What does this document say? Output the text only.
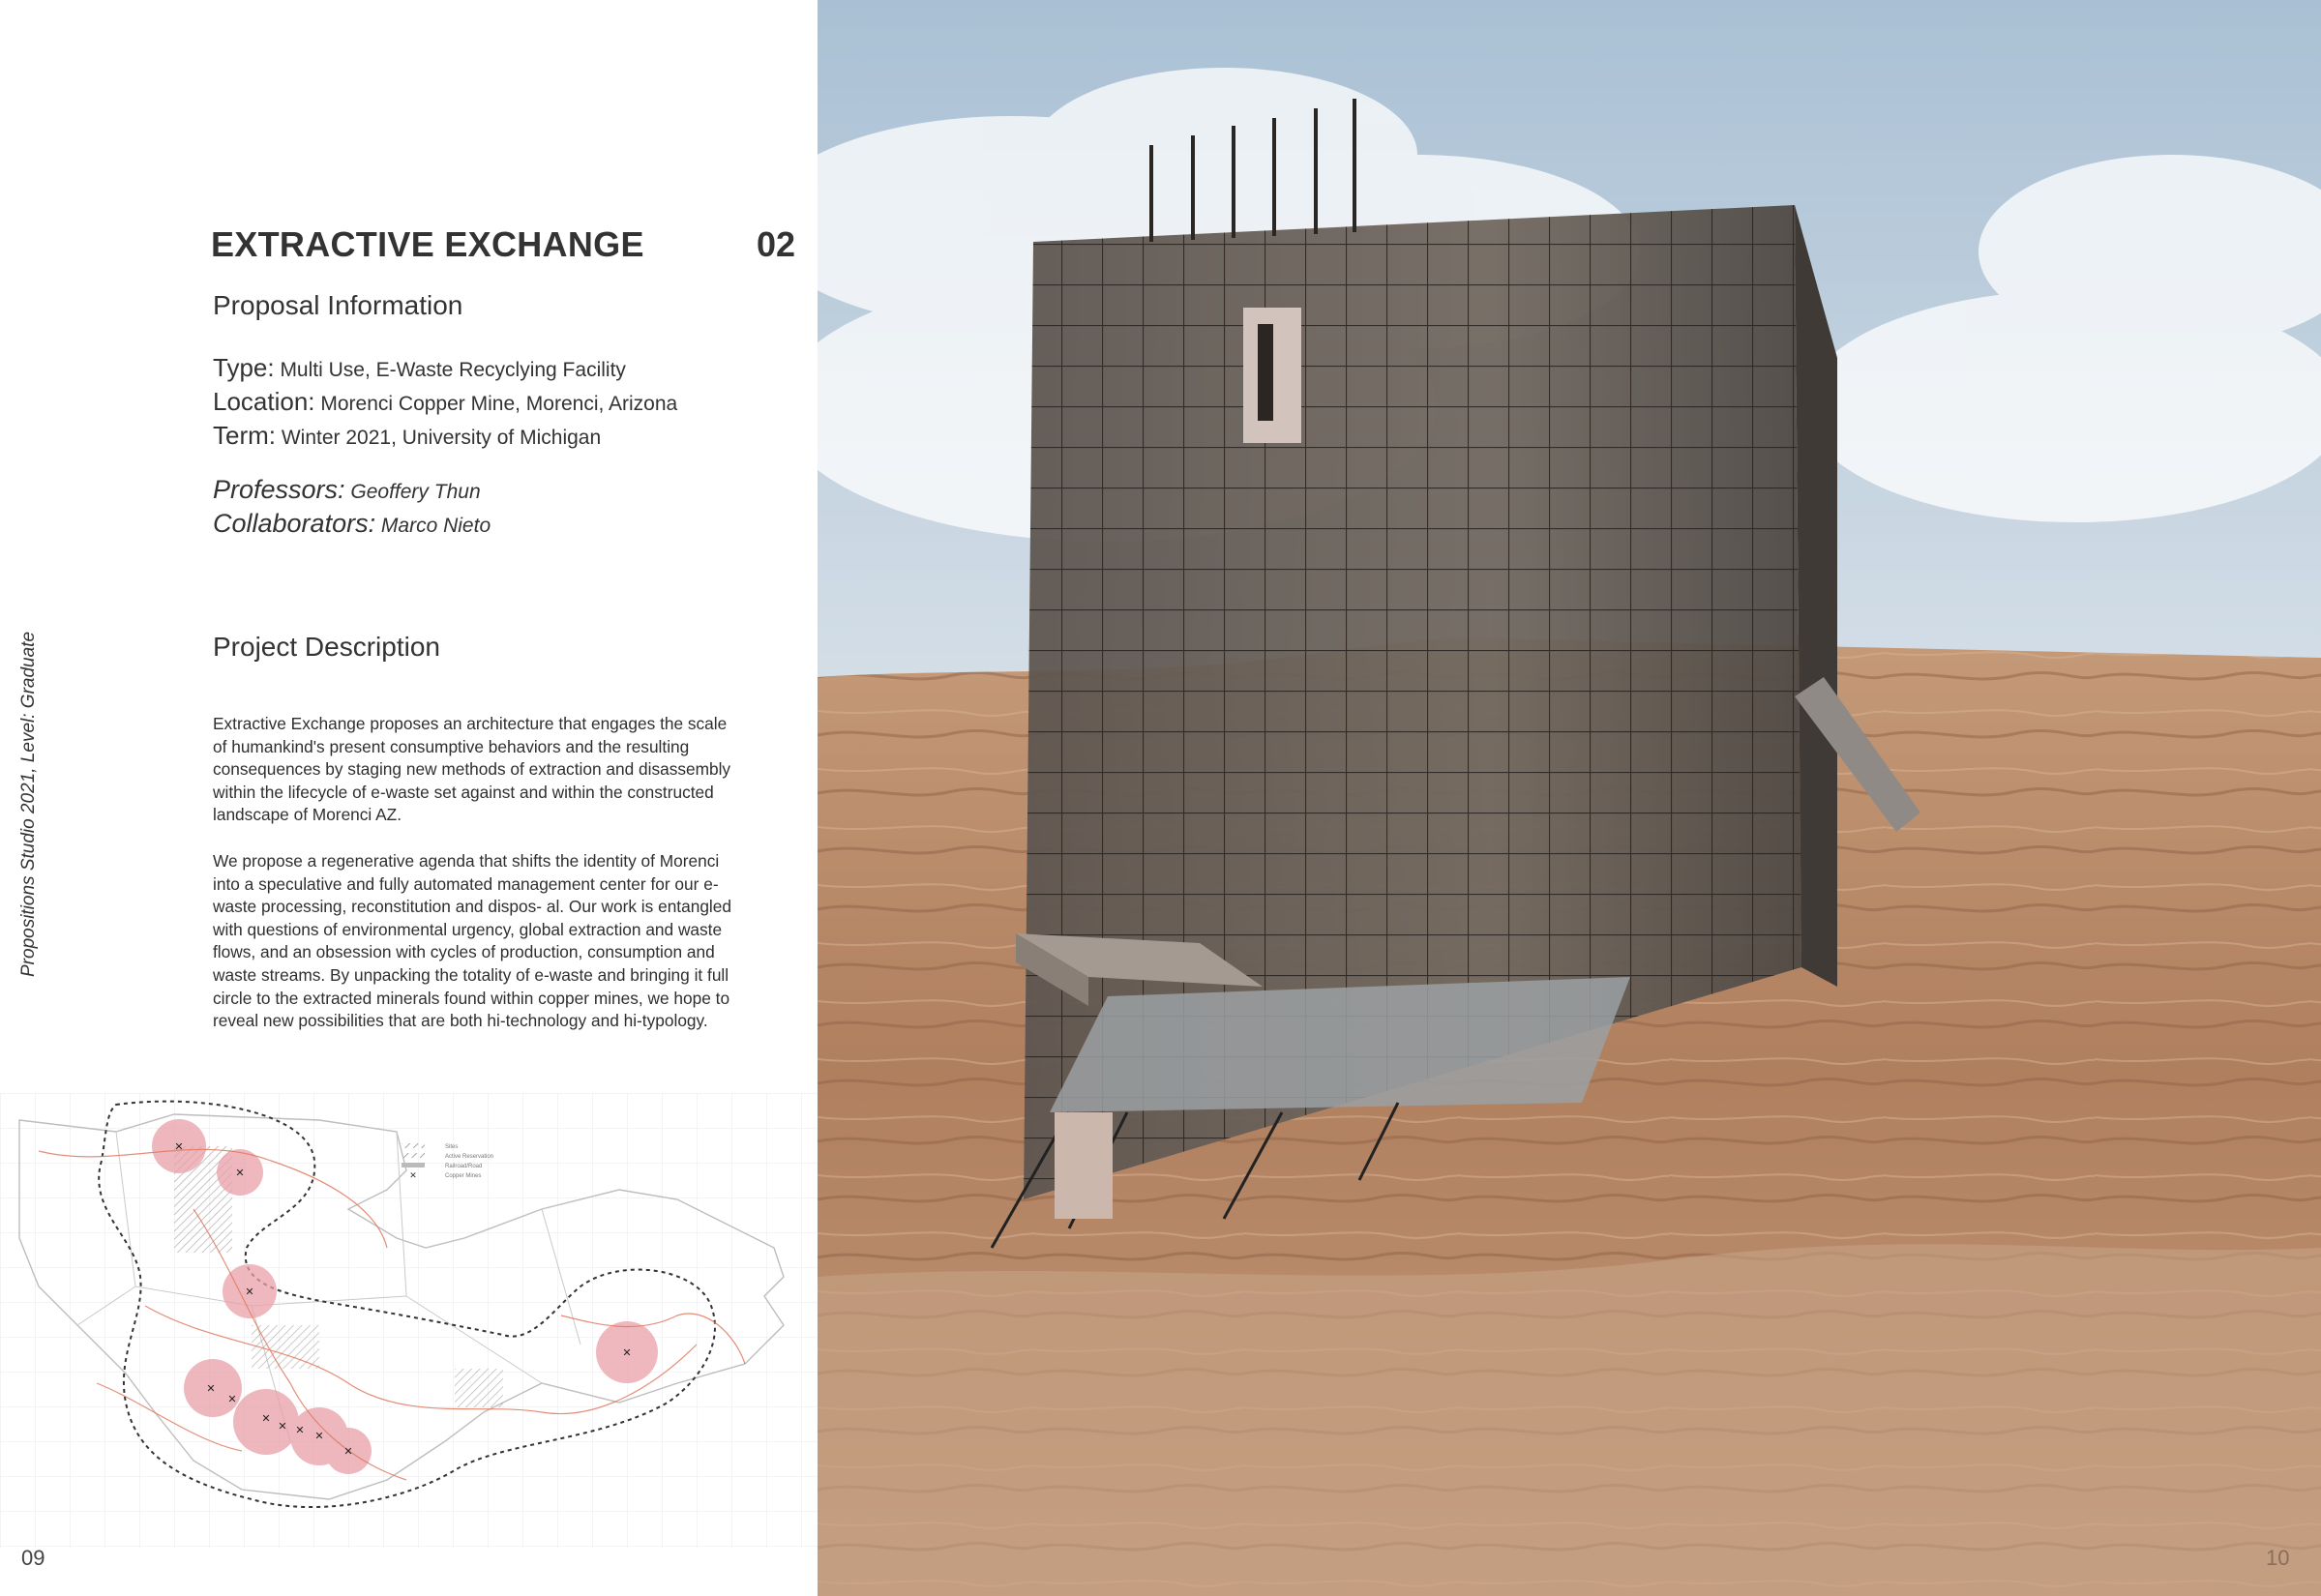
Propositions Studio 2021, Level: Graduate
EXTRACTIVE EXCHANGE	02
Proposal Information
Type: Multi Use, E-Waste Recyclying Facility
Location: Morenci Copper Mine, Morenci, Arizona
Term: Winter 2021, University of Michigan
Professors: Geoffery Thun
Collaborators: Marco Nieto
Project Description

Extractive Exchange proposes an architecture that engages the scale of humankind's present consumptive behaviors and the resulting consequences by staging new methods of extraction and disassembly within the lifecycle of e-waste set against and within the constructed landscape of Morenci AZ.

We propose a regenerative agenda that shifts the identity of Morenci into a speculative and fully automated management center for our e-waste processing, reconstitution and dispos- al. Our work is entangled with questions of environmental urgency, global extraction and waste flows, and an obsession with cycles of production, consumption and waste streams. By unpacking the totality of e-waste and bringing it full circle to the extracted minerals found within copper mines, we hope to reveal new possibilities that are both hi-technology and hi-typology.

✕
✕
✕
✕
✕
✕
✕ ✕ ✕
✕
✕
Sites
Active Reservation
Railroad/Road
✕	Copper Mines
09	10
